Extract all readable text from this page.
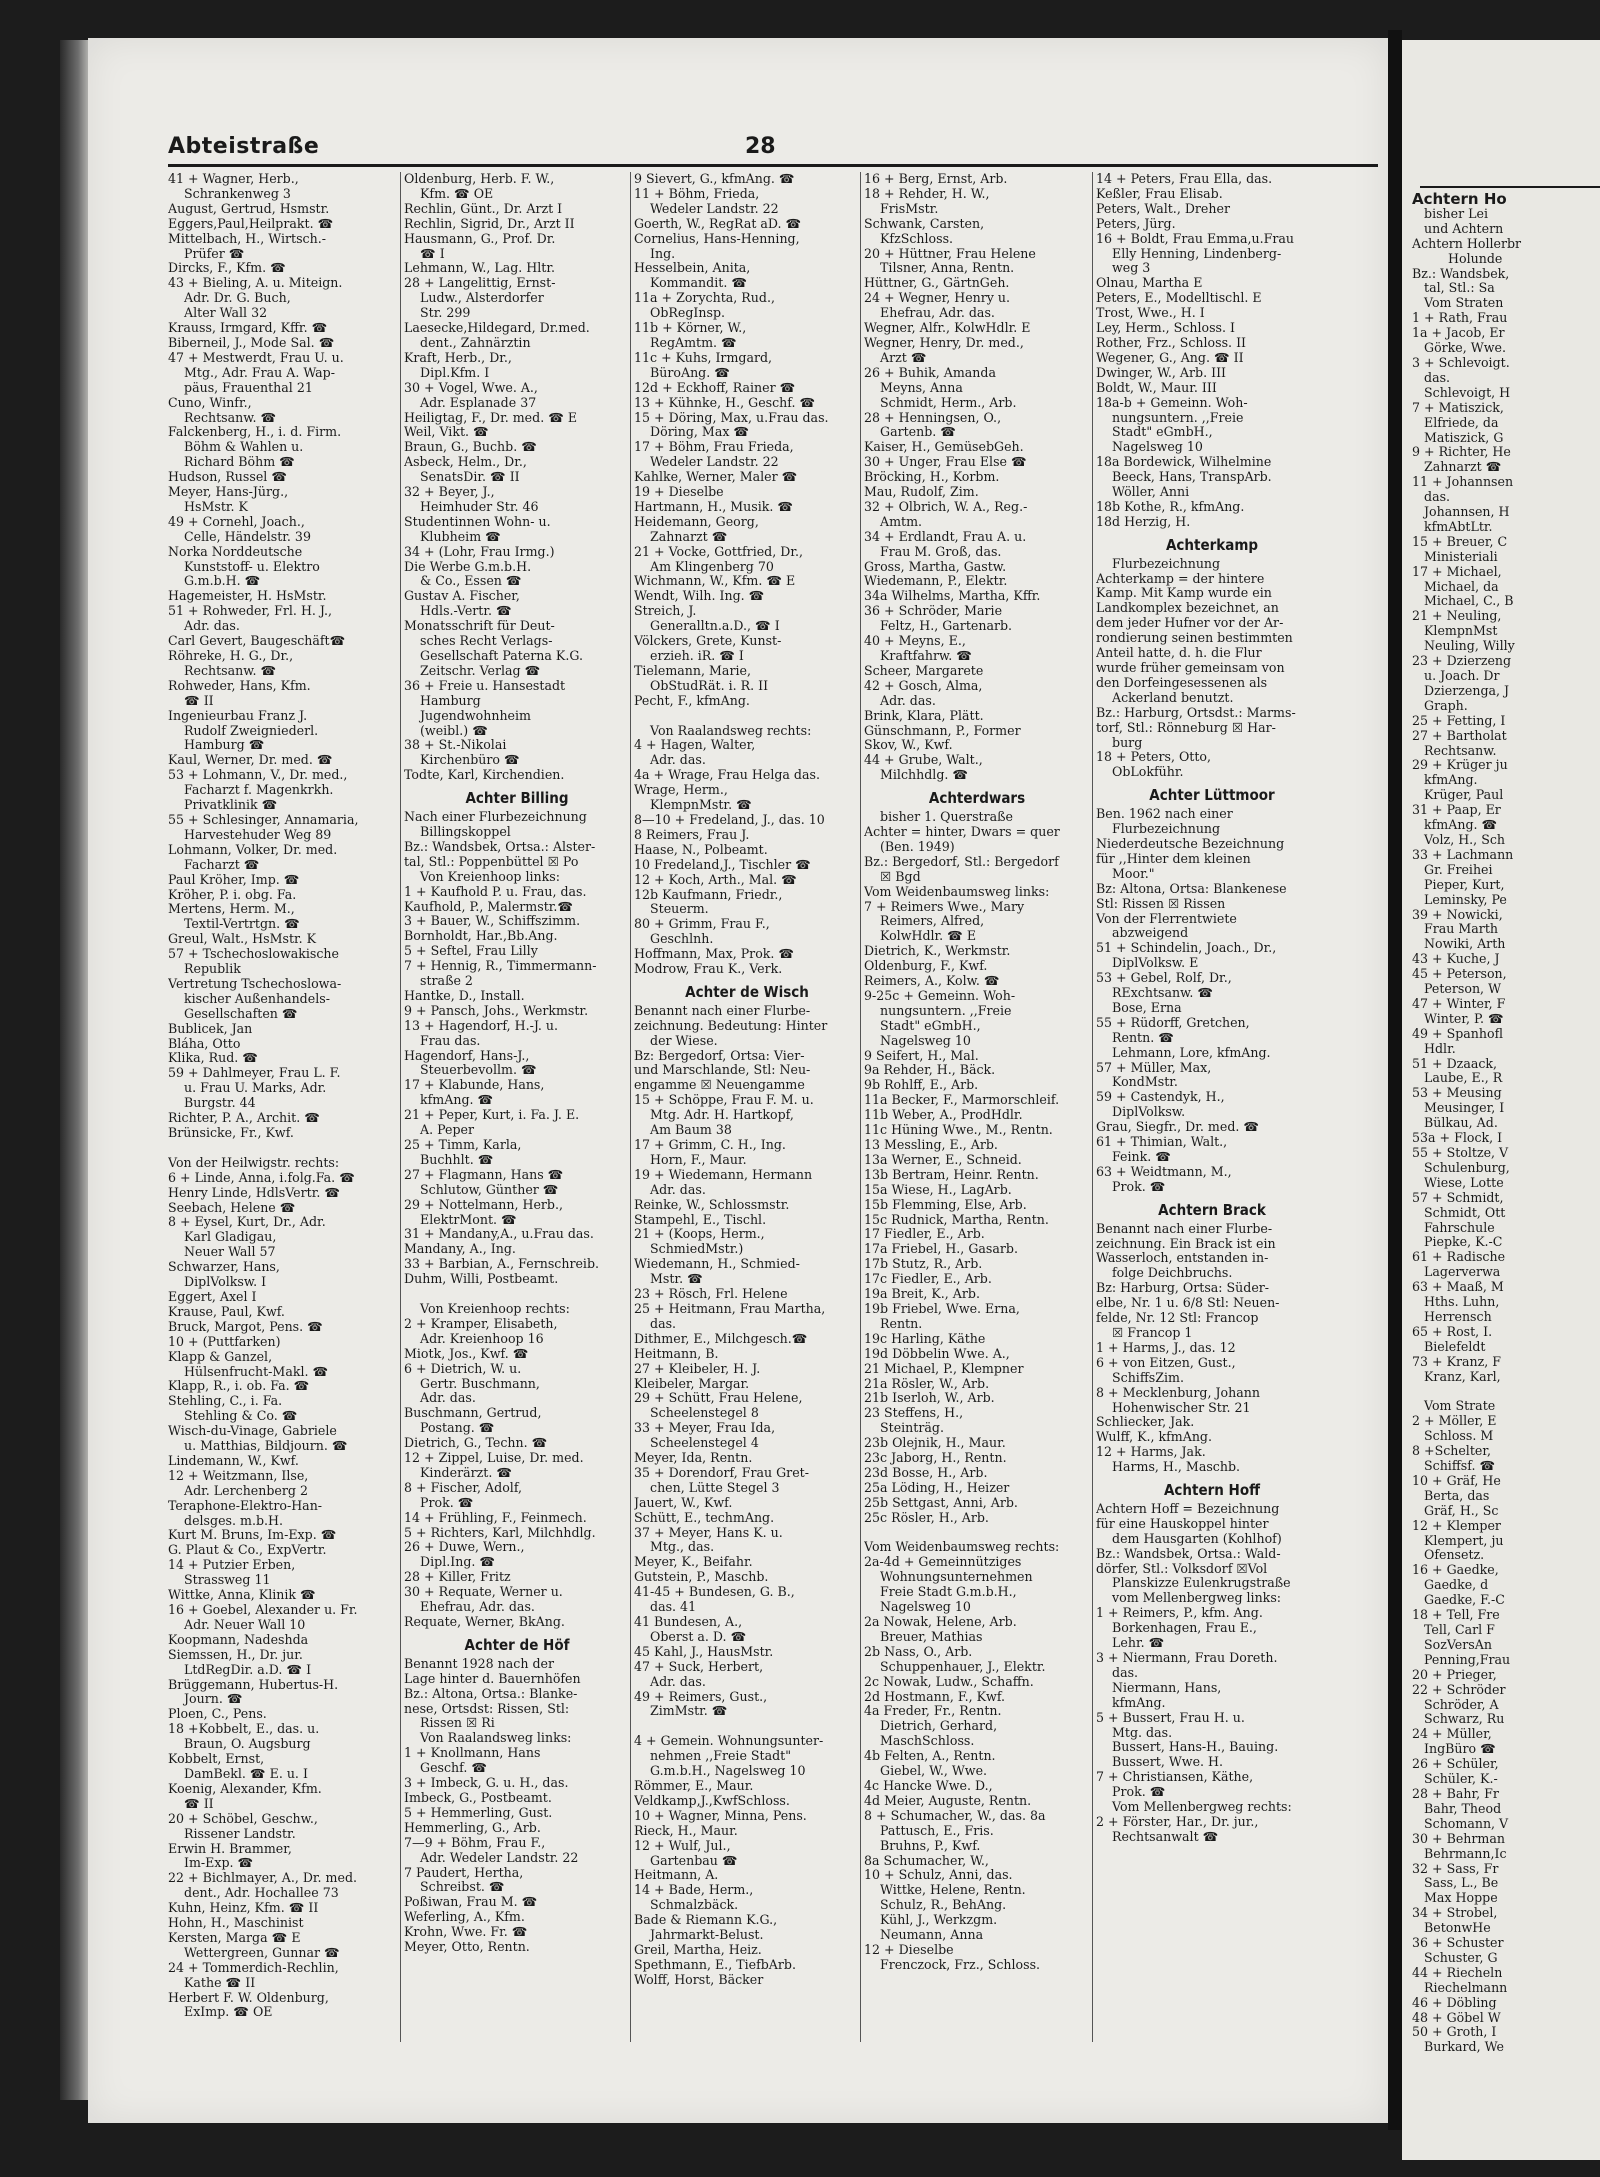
Achtern Ho
bisher Lei
und Achtern
Achtern Hollerbr
Holunde
Bz.: Wandsbek,
tal, Stl.: Sa
Vom Straten
1 + Rath, Frau
1a + Jacob, Er
Görke, Wwe.
3 + Schlevoigt.
das.
Schlevoigt, H
7 + Matiszick,
Elfriede, da
Matiszick, G
9 + Richter, He
Zahnarzt ☎
11 + Johannsen
das.
Johannsen, H
kfmAbtLtr.
15 + Breuer, C
Ministeriali
17 + Michael,
Michael, da
Michael, C., B
21 + Neuling,
KlempnMst
Neuling, Willy
23 + Dzierzeng
u. Joach. Dr
Dzierzenga, J
Graph.
25 + Fetting, I
27 + Bartholat
Rechtsanw.
29 + Krüger ju
kfmAng.
Krüger, Paul
31 + Paap, Er
kfmAng. ☎
Volz, H., Sch
33 + Lachmann
Gr. Freihei
Pieper, Kurt,
Leminsky, Pe
39 + Nowicki,
Frau Marth
Nowiki, Arth
43 + Kuche, J
45 + Peterson,
Peterson, W
47 + Winter, F
Winter, P. ☎
49 + Spanhofl
Hdlr.
51 + Dzaack,
Laube, E., R
53 + Meusing
Meusinger, I
Bülkau, Ad.
53a + Flock, I
55 + Stoltze, V
Schulenburg,
Wiese, Lotte
57 + Schmidt,
Schmidt, Ott
Fahrschule
Piepke, K.-C
61 + Radische
Lagerverwa
63 + Maaß, M
Hths. Luhn,
Herrensch
65 + Rost, I.
Bielefeldt
73 + Kranz, F
Kranz, Karl,

Vom Strate
2 + Möller, E
Schloss. M
8 +Schelter,
Schiffsf. ☎
10 + Gräf, He
Berta, das
Gräf, H., Sc
12 + Klemper
Klempert, ju
Ofensetz.
16 + Gaedke,
Gaedke, d
Gaedke, F.-C
18 + Tell, Fre
Tell, Carl F
SozVersAn
Penning,Frau
20 + Prieger,
22 + Schröder
Schröder, A
Schwarz, Ru
24 + Müller,
IngBüro ☎
26 + Schüler,
Schüler, K.-
28 + Bahr, Fr
Bahr, Theod
Schomann, V
30 + Behrman
Behrmann,Ic
32 + Sass, Fr
Sass, L., Be
Max Hoppe
34 + Strobel,
BetonwHe
36 + Schuster
Schuster, G
44 + Riecheln
Riechelmann
46 + Döbling
48 + Göbel W
50 + Groth, I
Burkard, We
Abteistraße	28

41 + Wagner, Herb.,

Schrankenweg 3

August, Gertrud, Hsmstr.

Eggers,Paul,Heilprakt. ☎

Mittelbach, H., Wirtsch.-

Prüfer ☎

Dircks, F., Kfm. ☎

43 + Bieling, A. u. Miteign.

Adr. Dr. G. Buch,

Alter Wall 32

Krauss, Irmgard, Kffr. ☎

Biberneil, J., Mode Sal. ☎

47 + Mestwerdt, Frau U. u.

Mtg., Adr. Frau A. Wap-

päus, Frauenthal 21

Cuno, Winfr.,

Rechtsanw. ☎

Falckenberg, H., i. d. Firm.

Böhm & Wahlen u.

Richard Böhm ☎

Hudson, Russel ☎

Meyer, Hans-Jürg.,

HsMstr. K

49 + Cornehl, Joach.,

Celle, Händelstr. 39

Norka Norddeutsche

Kunststoff- u. Elektro

G.m.b.H. ☎

Hagemeister, H. HsMstr.

51 + Rohweder, Frl. H. J.,

Adr. das.

Carl Gevert, Baugeschäft☎

Röhreke, H. G., Dr.,

Rechtsanw. ☎

Rohweder, Hans, Kfm.

☎ II

Ingenieurbau Franz J.

Rudolf Zweigniederl.

Hamburg ☎

Kaul, Werner, Dr. med. ☎

53 + Lohmann, V., Dr. med.,

Facharzt f. Magenkrkh.

Privatklinik ☎

55 + Schlesinger, Annamaria,

Harvestehuder Weg 89

Lohmann, Volker, Dr. med.

Facharzt ☎

Paul Kröher, Imp. ☎

Kröher, P. i. obg. Fa.

Mertens, Herm. M.,

Textil-Vertrtgn. ☎

Greul, Walt., HsMstr. K

57 + Tschechoslowakische

Republik

Vertretung Tschechoslowa-

kischer Außenhandels-

Gesellschaften ☎

Bublicek, Jan

Bláha, Otto

Klika, Rud. ☎

59 + Dahlmeyer, Frau L. F.

u. Frau U. Marks, Adr.

Burgstr. 44

Richter, P. A., Archit. ☎

Brünsicke, Fr., Kwf.

Von der Heilwigstr. rechts:

6 + Linde, Anna, i.folg.Fa. ☎

Henry Linde, HdlsVertr. ☎

Seebach, Helene ☎

8 + Eysel, Kurt, Dr., Adr.

Karl Gladigau,

Neuer Wall 57

Schwarzer, Hans,

DiplVolksw. I

Eggert, Axel I

Krause, Paul, Kwf.

Bruck, Margot, Pens. ☎

10 + (Puttfarken)

Klapp & Ganzel,

Hülsenfrucht-Makl. ☎

Klapp, R., i. ob. Fa. ☎

Stehling, C., i. Fa.

Stehling & Co. ☎

Wisch-du-Vinage, Gabriele

u. Matthias, Bildjourn. ☎

Lindemann, W., Kwf.

12 + Weitzmann, Ilse,

Adr. Lerchenberg 2

Teraphone-Elektro-Han-

delsges. m.b.H.

Kurt M. Bruns, Im-Exp. ☎

G. Plaut & Co., ExpVertr.

14 + Putzier Erben,

Strassweg 11

Wittke, Anna, Klinik ☎

16 + Goebel, Alexander u. Fr.

Adr. Neuer Wall 10

Koopmann, Nadeshda

Siemssen, H., Dr. jur.

LtdRegDir. a.D. ☎ I

Brüggemann, Hubertus-H.

Journ. ☎

Ploen, C., Pens.

18 +Kobbelt, E., das. u.

Braun, O. Augsburg

Kobbelt, Ernst,

DamBekl. ☎ E. u. I

Koenig, Alexander, Kfm.

☎ II

20 + Schöbel, Geschw.,

Rissener Landstr.

Erwin H. Brammer,

Im-Exp. ☎

22 + Bichlmayer, A., Dr. med.

dent., Adr. Hochallee 73

Kuhn, Heinz, Kfm. ☎ II

Hohn, H., Maschinist

Kersten, Marga ☎ E

Wettergreen, Gunnar ☎

24 + Tommerdich-Rechlin,

Kathe ☎ II

Herbert F. W. Oldenburg,

ExImp. ☎ OE

Oldenburg, Herb. F. W.,

Kfm. ☎ OE

Rechlin, Günt., Dr. Arzt I

Rechlin, Sigrid, Dr., Arzt II

Hausmann, G., Prof. Dr.

☎ I

Lehmann, W., Lag. Hltr.

28 + Langelittig, Ernst-

Ludw., Alsterdorfer

Str. 299

Laesecke,Hildegard, Dr.med.

dent., Zahnärztin

Kraft, Herb., Dr.,

Dipl.Kfm. I

30 + Vogel, Wwe. A.,

Adr. Esplanade 37

Heiligtag, F., Dr. med. ☎ E

Weil, Vikt. ☎

Braun, G., Buchb. ☎

Asbeck, Helm., Dr.,

SenatsDir. ☎ II

32 + Beyer, J.,

Heimhuder Str. 46

Studentinnen Wohn- u.

Klubheim ☎

34 + (Lohr, Frau Irmg.)

Die Werbe G.m.b.H.

& Co., Essen ☎

Gustav A. Fischer,

Hdls.-Vertr. ☎

Monatsschrift für Deut-

sches Recht Verlags-

Gesellschaft Paterna K.G.

Zeitschr. Verlag ☎

36 + Freie u. Hansestadt

Hamburg

Jugendwohnheim

(weibl.) ☎

38 + St.-Nikolai

Kirchenbüro ☎

Todte, Karl, Kirchendien.

Achter Billing

Nach einer Flurbezeichnung

Billingskoppel

Bz.: Wandsbek, Ortsa.: Alster-

tal, Stl.: Poppenbüttel ☒ Po

Von Kreienhoop links:

1 + Kaufhold P. u. Frau, das.

Kaufhold, P., Malermstr.☎

3 + Bauer, W., Schiffszimm.

Bornholdt, Har.,Bb.Ang.

5 + Seftel, Frau Lilly

7 + Hennig, R., Timmermann-

straße 2

Hantke, D., Install.

9 + Pansch, Johs., Werkmstr.

13 + Hagendorf, H.-J. u.

Frau das.

Hagendorf, Hans-J.,

Steuerbevollm. ☎

17 + Klabunde, Hans,

kfmAng. ☎

21 + Peper, Kurt, i. Fa. J. E.

A. Peper

25 + Timm, Karla,

Buchhlt. ☎

27 + Flagmann, Hans ☎

Schlutow, Günther ☎

29 + Nottelmann, Herb.,

ElektrMont. ☎

31 + Mandany,A., u.Frau das.

Mandany, A., Ing.

33 + Barbian, A., Fernschreib.

Duhm, Willi, Postbeamt.

Von Kreienhoop rechts:

2 + Kramper, Elisabeth,

Adr. Kreienhoop 16

Miotk, Jos., Kwf. ☎

6 + Dietrich, W. u.

Gertr. Buschmann,

Adr. das.

Buschmann, Gertrud,

Postang. ☎

Dietrich, G., Techn. ☎

12 + Zippel, Luise, Dr. med.

Kinderärzt. ☎

8 + Fischer, Adolf,

Prok. ☎

14 + Frühling, F., Feinmech.

5 + Richters, Karl, Milchhdlg.

26 + Duwe, Wern.,

Dipl.Ing. ☎

28 + Killer, Fritz

30 + Requate, Werner u.

Ehefrau, Adr. das.

Requate, Werner, BkAng.

Achter de Höf

Benannt 1928 nach der

Lage hinter d. Bauernhöfen

Bz.: Altona, Ortsa.: Blanke-

nese, Ortsdst: Rissen, Stl:

Rissen ☒ Ri

Von Raalandsweg links:

1 + Knollmann, Hans

Geschf. ☎

3 + Imbeck, G. u. H., das.

Imbeck, G., Postbeamt.

5 + Hemmerling, Gust.

Hemmerling, G., Arb.

7—9 + Böhm, Frau F.,

Adr. Wedeler Landstr. 22

7 Paudert, Hertha,

Schreibst. ☎

Poßiwan, Frau M. ☎

Weferling, A., Kfm.

Krohn, Wwe. Fr. ☎

Meyer, Otto, Rentn.

9 Sievert, G., kfmAng. ☎

11 + Böhm, Frieda,

Wedeler Landstr. 22

Goerth, W., RegRat aD. ☎

Cornelius, Hans-Henning,

Ing.

Hesselbein, Anita,

Kommandit. ☎

11a + Zorychta, Rud.,

ObRegInsp.

11b + Körner, W.,

RegAmtm. ☎

11c + Kuhs, Irmgard,

BüroAng. ☎

12d + Eckhoff, Rainer ☎

13 + Kühnke, H., Geschf. ☎

15 + Döring, Max, u.Frau das.

Döring, Max ☎

17 + Böhm, Frau Frieda,

Wedeler Landstr. 22

Kahlke, Werner, Maler ☎

19 + Dieselbe

Hartmann, H., Musik. ☎

Heidemann, Georg,

Zahnarzt ☎

21 + Vocke, Gottfried, Dr.,

Am Klingenberg 70

Wichmann, W., Kfm. ☎ E

Wendt, Wilh. Ing. ☎

Streich, J.

Generalltn.a.D., ☎ I

Völckers, Grete, Kunst-

erzieh. iR. ☎ I

Tielemann, Marie,

ObStudRät. i. R. II

Pecht, F., kfmAng.

Von Raalandsweg rechts:

4 + Hagen, Walter,

Adr. das.

4a + Wrage, Frau Helga das.

Wrage, Herm.,

KlempnMstr. ☎

8—10 + Fredeland, J., das. 10

8 Reimers, Frau J.

Haase, N., Polbeamt.

10 Fredeland,J., Tischler ☎

12 + Koch, Arth., Mal. ☎

12b Kaufmann, Friedr.,

Steuerm.

80 + Grimm, Frau F.,

Geschlnh.

Hoffmann, Max, Prok. ☎

Modrow, Frau K., Verk.

Achter de Wisch

Benannt nach einer Flurbe-

zeichnung. Bedeutung: Hinter

der Wiese.

Bz: Bergedorf, Ortsa: Vier-

und Marschlande, Stl: Neu-

engamme ☒ Neuengamme

15 + Schöppe, Frau F. M. u.

Mtg. Adr. H. Hartkopf,

Am Baum 38

17 + Grimm, C. H., Ing.

Horn, F., Maur.

19 + Wiedemann, Hermann

Adr. das.

Reinke, W., Schlossmstr.

Stampehl, E., Tischl.

21 + (Koops, Herm.,

SchmiedMstr.)

Wiedemann, H., Schmied-

Mstr. ☎

23 + Rösch, Frl. Helene

25 + Heitmann, Frau Martha,

das.

Dithmer, E., Milchgesch.☎

Heitmann, B.

27 + Kleibeler, H. J.

Kleibeler, Margar.

29 + Schütt, Frau Helene,

Scheelenstegel 8

33 + Meyer, Frau Ida,

Scheelenstegel 4

Meyer, Ida, Rentn.

35 + Dorendorf, Frau Gret-

chen, Lütte Stegel 3

Jauert, W., Kwf.

Schütt, E., techmAng.

37 + Meyer, Hans K. u.

Mtg., das.

Meyer, K., Beifahr.

Gutstein, P., Maschb.

41-45 + Bundesen, G. B.,

das. 41

41 Bundesen, A.,

Oberst a. D. ☎

45 Kahl, J., HausMstr.

47 + Suck, Herbert,

Adr. das.

49 + Reimers, Gust.,

ZimMstr. ☎

4 + Gemein. Wohnungsunter-

nehmen ,,Freie Stadt"

G.m.b.H., Nagelsweg 10

Römmer, E., Maur.

Veldkamp,J.,KwfSchloss.

10 + Wagner, Minna, Pens.

Rieck, H., Maur.

12 + Wulf, Jul.,

Gartenbau ☎

Heitmann, A.

14 + Bade, Herm.,

Schmalzbäck.

Bade & Riemann K.G.,

Jahrmarkt-Belust.

Greil, Martha, Heiz.

Spethmann, E., TiefbArb.

Wolff, Horst, Bäcker

16 + Berg, Ernst, Arb.

18 + Rehder, H. W.,

FrisMstr.

Schwank, Carsten,

KfzSchloss.

20 + Hüttner, Frau Helene

Tilsner, Anna, Rentn.

Hüttner, G., GärtnGeh.

24 + Wegner, Henry u.

Ehefrau, Adr. das.

Wegner, Alfr., KolwHdlr. E

Wegner, Henry, Dr. med.,

Arzt ☎

26 + Buhik, Amanda

Meyns, Anna

Schmidt, Herm., Arb.

28 + Henningsen, O.,

Gartenb. ☎

Kaiser, H., GemüsebGeh.

30 + Unger, Frau Else ☎

Bröcking, H., Korbm.

Mau, Rudolf, Zim.

32 + Olbrich, W. A., Reg.-

Amtm.

34 + Erdlandt, Frau A. u.

Frau M. Groß, das.

Gross, Martha, Gastw.

Wiedemann, P., Elektr.

34a Wilhelms, Martha, Kffr.

36 + Schröder, Marie

Feltz, H., Gartenarb.

40 + Meyns, E.,

Kraftfahrw. ☎

Scheer, Margarete

42 + Gosch, Alma,

Adr. das.

Brink, Klara, Plätt.

Günschmann, P., Former

Skov, W., Kwf.

44 + Grube, Walt.,

Milchhdlg. ☎

Achterdwars

bisher 1. Querstraße

Achter = hinter, Dwars = quer

(Ben. 1949)

Bz.: Bergedorf, Stl.: Bergedorf

☒ Bgd

Vom Weidenbaumsweg links:

7 + Reimers Wwe., Mary

Reimers, Alfred,

KolwHdlr. ☎ E

Dietrich, K., Werkmstr.

Oldenburg, F., Kwf.

Reimers, A., Kolw. ☎

9-25c + Gemeinn. Woh-

nungsuntern. ,,Freie

Stadt" eGmbH.,

Nagelsweg 10

9 Seifert, H., Mal.

9a Rehder, H., Bäck.

9b Rohlff, E., Arb.

11a Becker, F., Marmorschleif.

11b Weber, A., ProdHdlr.

11c Hüning Wwe., M., Rentn.

13 Messling, E., Arb.

13a Werner, E., Schneid.

13b Bertram, Heinr. Rentn.

15a Wiese, H., LagArb.

15b Flemming, Else, Arb.

15c Rudnick, Martha, Rentn.

17 Fiedler, E., Arb.

17a Friebel, H., Gasarb.

17b Stutz, R., Arb.

17c Fiedler, E., Arb.

19a Breit, K., Arb.

19b Friebel, Wwe. Erna,

Rentn.

19c Harling, Käthe

19d Döbbelin Wwe. A.,

21 Michael, P., Klempner

21a Rösler, W., Arb.

21b Iserloh, W., Arb.

23 Steffens, H.,

Steinträg.

23b Olejnik, H., Maur.

23c Jaborg, H., Rentn.

23d Bosse, H., Arb.

25a Löding, H., Heizer

25b Settgast, Anni, Arb.

25c Rösler, H., Arb.

Vom Weidenbaumsweg rechts:

2a-4d + Gemeinnütziges

Wohnungsunternehmen

Freie Stadt G.m.b.H.,

Nagelsweg 10

2a Nowak, Helene, Arb.

Breuer, Mathias

2b Nass, O., Arb.

Schuppenhauer, J., Elektr.

2c Nowak, Ludw., Schaffn.

2d Hostmann, F., Kwf.

4a Freder, Fr., Rentn.

Dietrich, Gerhard,

MaschSchloss.

4b Felten, A., Rentn.

Giebel, W., Wwe.

4c Hancke Wwe. D.,

4d Meier, Auguste, Rentn.

8 + Schumacher, W., das. 8a

Pattusch, E., Fris.

Bruhns, P., Kwf.

8a Schumacher, W.,

10 + Schulz, Anni, das.

Wittke, Helene, Rentn.

Schulz, R., BehAng.

Kühl, J., Werkzgm.

Neumann, Anna

12 + Dieselbe

Frenczock, Frz., Schloss.

14 + Peters, Frau Ella, das.

Keßler, Frau Elisab.

Peters, Walt., Dreher

Peters, Jürg.

16 + Boldt, Frau Emma,u.Frau

Elly Henning, Lindenberg-

weg 3

Olnau, Martha E

Peters, E., Modelltischl. E

Trost, Wwe., H. I

Ley, Herm., Schloss. I

Rother, Frz., Schloss. II

Wegener, G., Ang. ☎ II

Dwinger, W., Arb. III

Boldt, W., Maur. III

18a-b + Gemeinn. Woh-

nungsuntern. ,,Freie

Stadt" eGmbH.,

Nagelsweg 10

18a Bordewick, Wilhelmine

Beeck, Hans, TranspArb.

Wöller, Anni

18b Kothe, R., kfmAng.

18d Herzig, H.

Achterkamp

Flurbezeichnung

Achterkamp = der hintere

Kamp. Mit Kamp wurde ein

Landkomplex bezeichnet, an

dem jeder Hufner vor der Ar-

rondierung seinen bestimmten

Anteil hatte, d. h. die Flur

wurde früher gemeinsam von

den Dorfeingesessenen als

Ackerland benutzt.

Bz.: Harburg, Ortsdst.: Marms-

torf, Stl.: Rönneburg ☒ Har-

burg

18 + Peters, Otto,

ObLokführ.

Achter Lüttmoor

Ben. 1962 nach einer

Flurbezeichnung

Niederdeutsche Bezeichnung

für ,,Hinter dem kleinen

Moor."

Bz: Altona, Ortsa: Blankenese

Stl: Rissen ☒ Rissen

Von der Flerrentwiete

abzweigend

51 + Schindelin, Joach., Dr.,

DiplVolksw. E

53 + Gebel, Rolf, Dr.,

RExchtsanw. ☎

Bose, Erna

55 + Rüdorff, Gretchen,

Rentn. ☎

Lehmann, Lore, kfmAng.

57 + Müller, Max,

KondMstr.

59 + Castendyk, H.,

DiplVolksw.

Grau, Siegfr., Dr. med. ☎

61 + Thimian, Walt.,

Feink. ☎

63 + Weidtmann, M.,

Prok. ☎

Achtern Brack

Benannt nach einer Flurbe-

zeichnung. Ein Brack ist ein

Wasserloch, entstanden in-

folge Deichbruchs.

Bz: Harburg, Ortsa: Süder-

elbe, Nr. 1 u. 6/8 Stl: Neuen-

felde, Nr. 12 Stl: Francop

☒ Francop 1

1 + Harms, J., das. 12

6 + von Eitzen, Gust.,

SchiffsZim.

8 + Mecklenburg, Johann

Hohenwischer Str. 21

Schliecker, Jak.

Wulff, K., kfmAng.

12 + Harms, Jak.

Harms, H., Maschb.

Achtern Hoff

Achtern Hoff = Bezeichnung

für eine Hauskoppel hinter

dem Hausgarten (Kohlhof)

Bz.: Wandsbek, Ortsa.: Wald-

dörfer, Stl.: Volksdorf ☒Vol

Planskizze Eulenkrugstraße

vom Mellenbergweg links:

1 + Reimers, P., kfm. Ang.

Borkenhagen, Frau E.,

Lehr. ☎

3 + Niermann, Frau Doreth.

das.

Niermann, Hans,

kfmAng.

5 + Bussert, Frau H. u.

Mtg. das.

Bussert, Hans-H., Bauing.

Bussert, Wwe. H.

7 + Christiansen, Käthe,

Prok. ☎

Vom Mellenbergweg rechts:

2 + Förster, Har., Dr. jur.,

Rechtsanwalt ☎
